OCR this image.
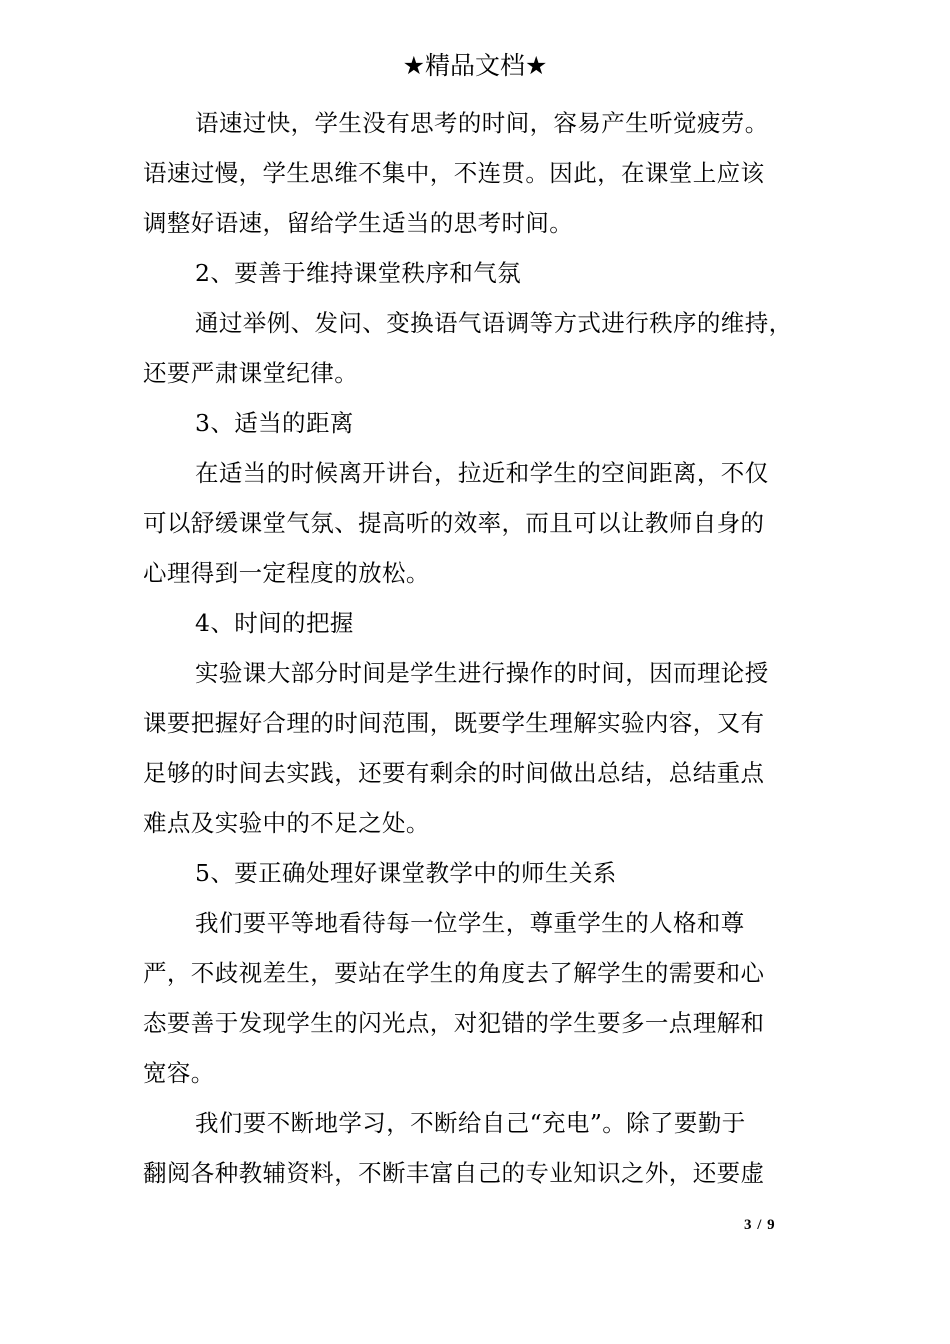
★精品文档★
语速过快，学生没有思考的时间，容易产生听觉疲劳。
语速过慢，学生思维不集中，不连贯。因此，在课堂上应该
调整好语速，留给学生适当的思考时间。
2、要善于维持课堂秩序和气氛
通过举例、发问、变换语气语调等方式进行秩序的维持，
还要严肃课堂纪律。
3、适当的距离
在适当的时候离开讲台，拉近和学生的空间距离，不仅
可以舒缓课堂气氛、提高听的效率，而且可以让教师自身的
心理得到一定程度的放松。
4、时间的把握
实验课大部分时间是学生进行操作的时间，因而理论授
课要把握好合理的时间范围，既要学生理解实验内容，又有
足够的时间去实践，还要有剩余的时间做出总结，总结重点
难点及实验中的不足之处。
5、要正确处理好课堂教学中的师生关系
我们要平等地看待每一位学生，尊重学生的人格和尊
严，不歧视差生，要站在学生的角度去了解学生的需要和心
态要善于发现学生的闪光点，对犯错的学生要多一点理解和
宽容。
我们要不断地学习，不断给自己“充电”。除了要勤于
翻阅各种教辅资料，不断丰富自己的专业知识之外，还要虚
3 / 9
